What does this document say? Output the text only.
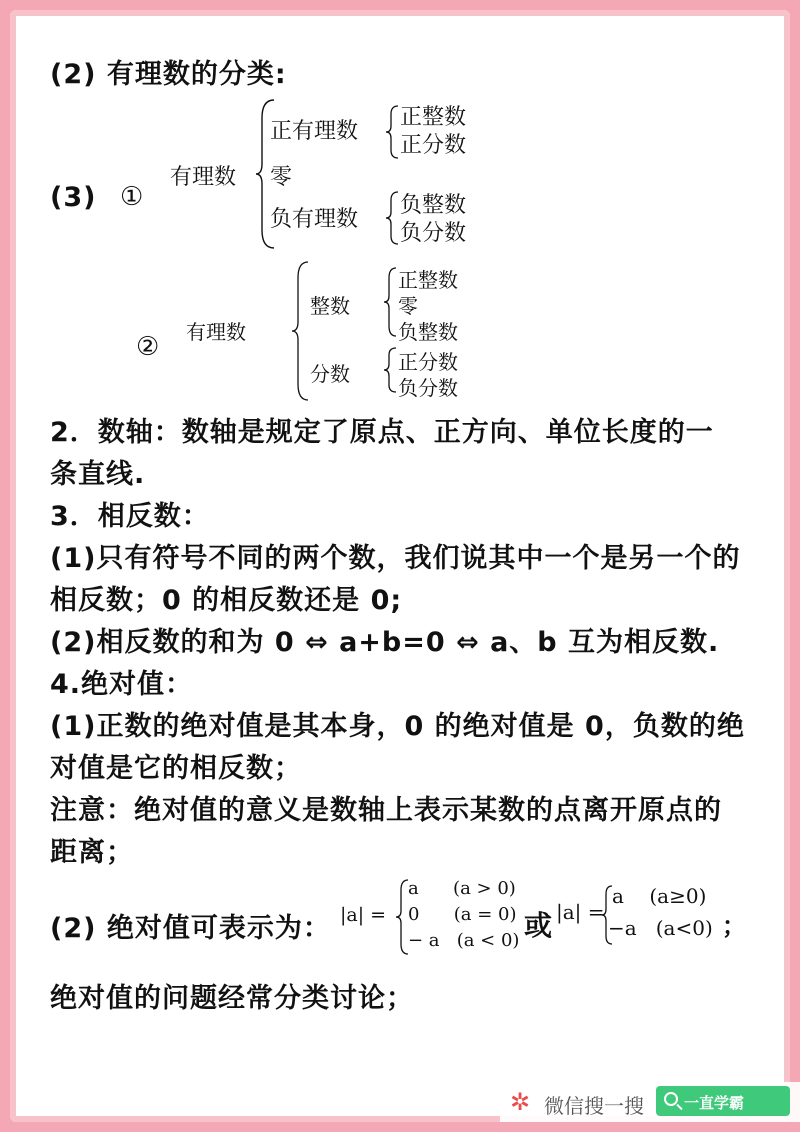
(2) 有理数的分类:
(3) ①
有理数
正有理数
零
负有理数
正整数
正分数
负整数
负分数
② 有理数
整数
分数
正整数
零
负整数
正分数
负分数
2．数轴：数轴是规定了原点、正方向、单位长度的一
条直线.
3．相反数：
(1)只有符号不同的两个数，我们说其中一个是另一个的
相反数；0 的相反数还是 0;
(2)相反数的和为 0 ⇔ a+b=0 ⇔ a、b 互为相反数.
4.绝对值：
(1)正数的绝对值是其本身，0 的绝对值是 0，负数的绝
对值是它的相反数；
注意：绝对值的意义是数轴上表示某数的点离开原点的
距离；
(2) 绝对值可表示为： |a| =
a      (a > 0)
0      (a = 0)
− a   (a < 0) 或 |a| =
a    (a≥0)
−a   (a<0) ；
绝对值的问题经常分类讨论；
✲ 微信搜一搜	一直学霸
